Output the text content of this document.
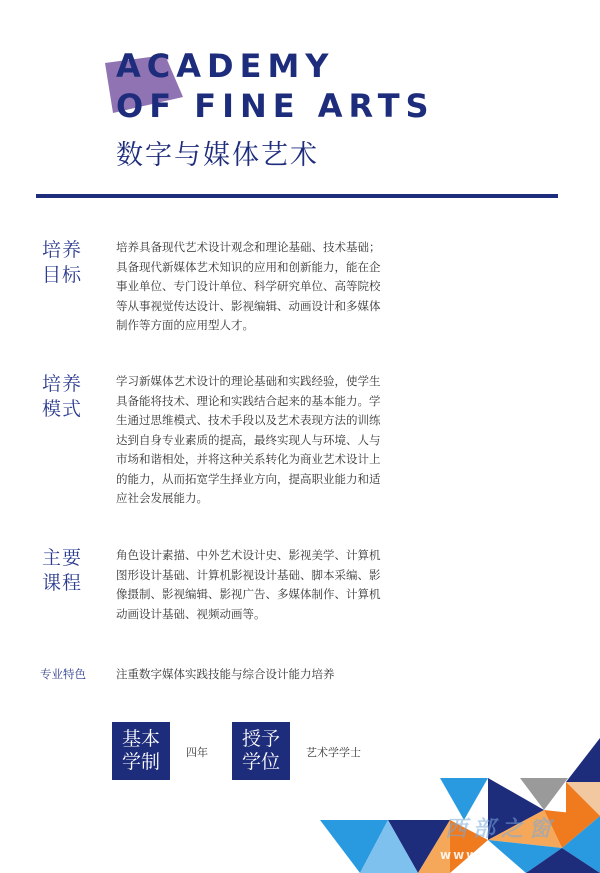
ACADEMY
OF FINE ARTS
数字与媒体艺术
培养目标
培养具备现代艺术设计观念和理论基础、技术基础；具备现代新媒体艺术知识的应用和创新能力，能在企事业单位、专门设计单位、科学研究单位、高等院校等从事视觉传达设计、影视编辑、动画设计和多媒体制作等方面的应用型人才。
培养模式
学习新媒体艺术设计的理论基础和实践经验，使学生具备能将技术、理论和实践结合起来的基本能力。学生通过思维模式、技术手段以及艺术表现方法的训练达到自身专业素质的提高，最终实现人与环境、人与市场和谐相处，并将这种关系转化为商业艺术设计上的能力，从而拓宽学生择业方向，提高职业能力和适应社会发展能力。
主要课程
角色设计素描、中外艺术设计史、影视美学、计算机图形设计基础、计算机影视设计基础、脚本采编、影像摄制、影视编辑、影视广告、多媒体制作、计算机动画设计基础、视频动画等。
专业特色	注重数字媒体实践技能与综合设计能力培养
基本学制 四年
授予学位 艺术学学士
西部之窗
www
